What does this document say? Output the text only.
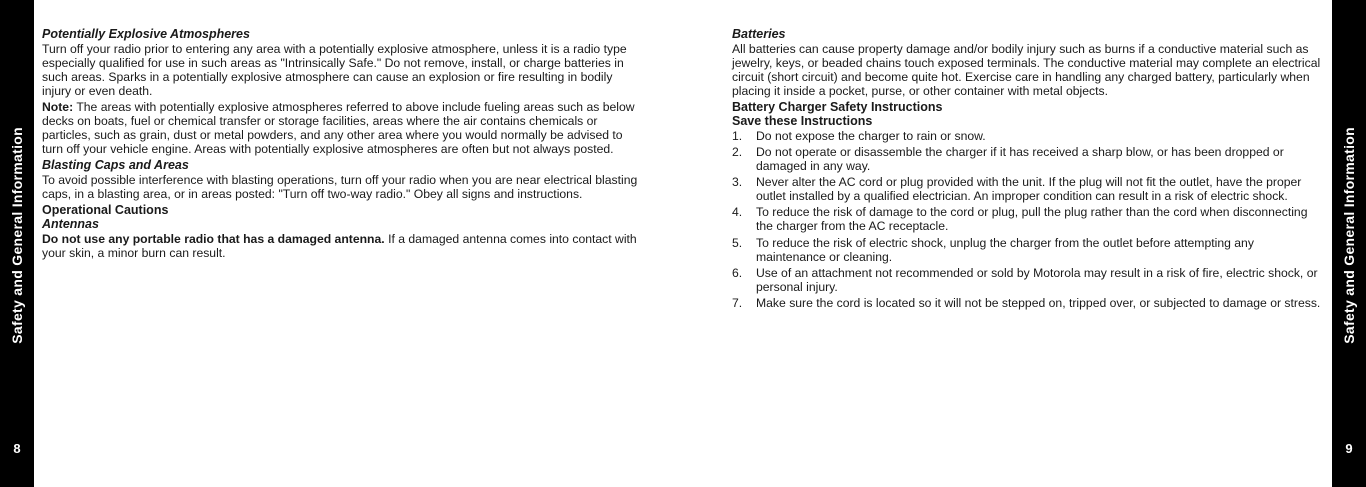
Safety and General Information
8
Safety and General Information
9
Potentially Explosive Atmospheres

Turn off your radio prior to entering any area with a potentially explosive atmosphere, unless it is a radio type especially qualified for use in such areas as "Intrinsically Safe." Do not remove, install, or charge batteries in such areas. Sparks in a potentially explosive atmosphere can cause an explosion or fire resulting in bodily injury or even death.

Note: The areas with potentially explosive atmospheres referred to above include fueling areas such as below decks on boats, fuel or chemical transfer or storage facilities, areas where the air contains chemicals or particles, such as grain, dust or metal powders, and any other area where you would normally be advised to turn off your vehicle engine. Areas with potentially explosive atmospheres are often but not always posted.

Blasting Caps and Areas

To avoid possible interference with blasting operations, turn off your radio when you are near electrical blasting caps, in a blasting area, or in areas posted: "Turn off two-way radio." Obey all signs and instructions.

Operational Cautions
Antennas

Do not use any portable radio that has a damaged antenna. If a damaged antenna comes into contact with your skin, a minor burn can result.

Batteries

All batteries can cause property damage and/or bodily injury such as burns if a conductive material such as jewelry, keys, or beaded chains touch exposed terminals. The conductive material may complete an electrical circuit (short circuit) and become quite hot. Exercise care in handling any charged battery, particularly when placing it inside a pocket, purse, or other container with metal objects.

Battery Charger Safety Instructions
Save these Instructions
1.	Do not expose the charger to rain or snow.
2.	Do not operate or disassemble the charger if it has received a sharp blow, or has been dropped or damaged in any way.
3.	Never alter the AC cord or plug provided with the unit. If the plug will not fit the outlet, have the proper outlet installed by a qualified electrician. An improper condition can result in a risk of electric shock.
4.	To reduce the risk of damage to the cord or plug, pull the plug rather than the cord when disconnecting the charger from the AC receptacle.
5.	To reduce the risk of electric shock, unplug the charger from the outlet before attempting any maintenance or cleaning.
6.	Use of an attachment not recommended or sold by Motorola may result in a risk of fire, electric shock, or personal injury.
7.	Make sure the cord is located so it will not be stepped on, tripped over, or subjected to damage or stress.
